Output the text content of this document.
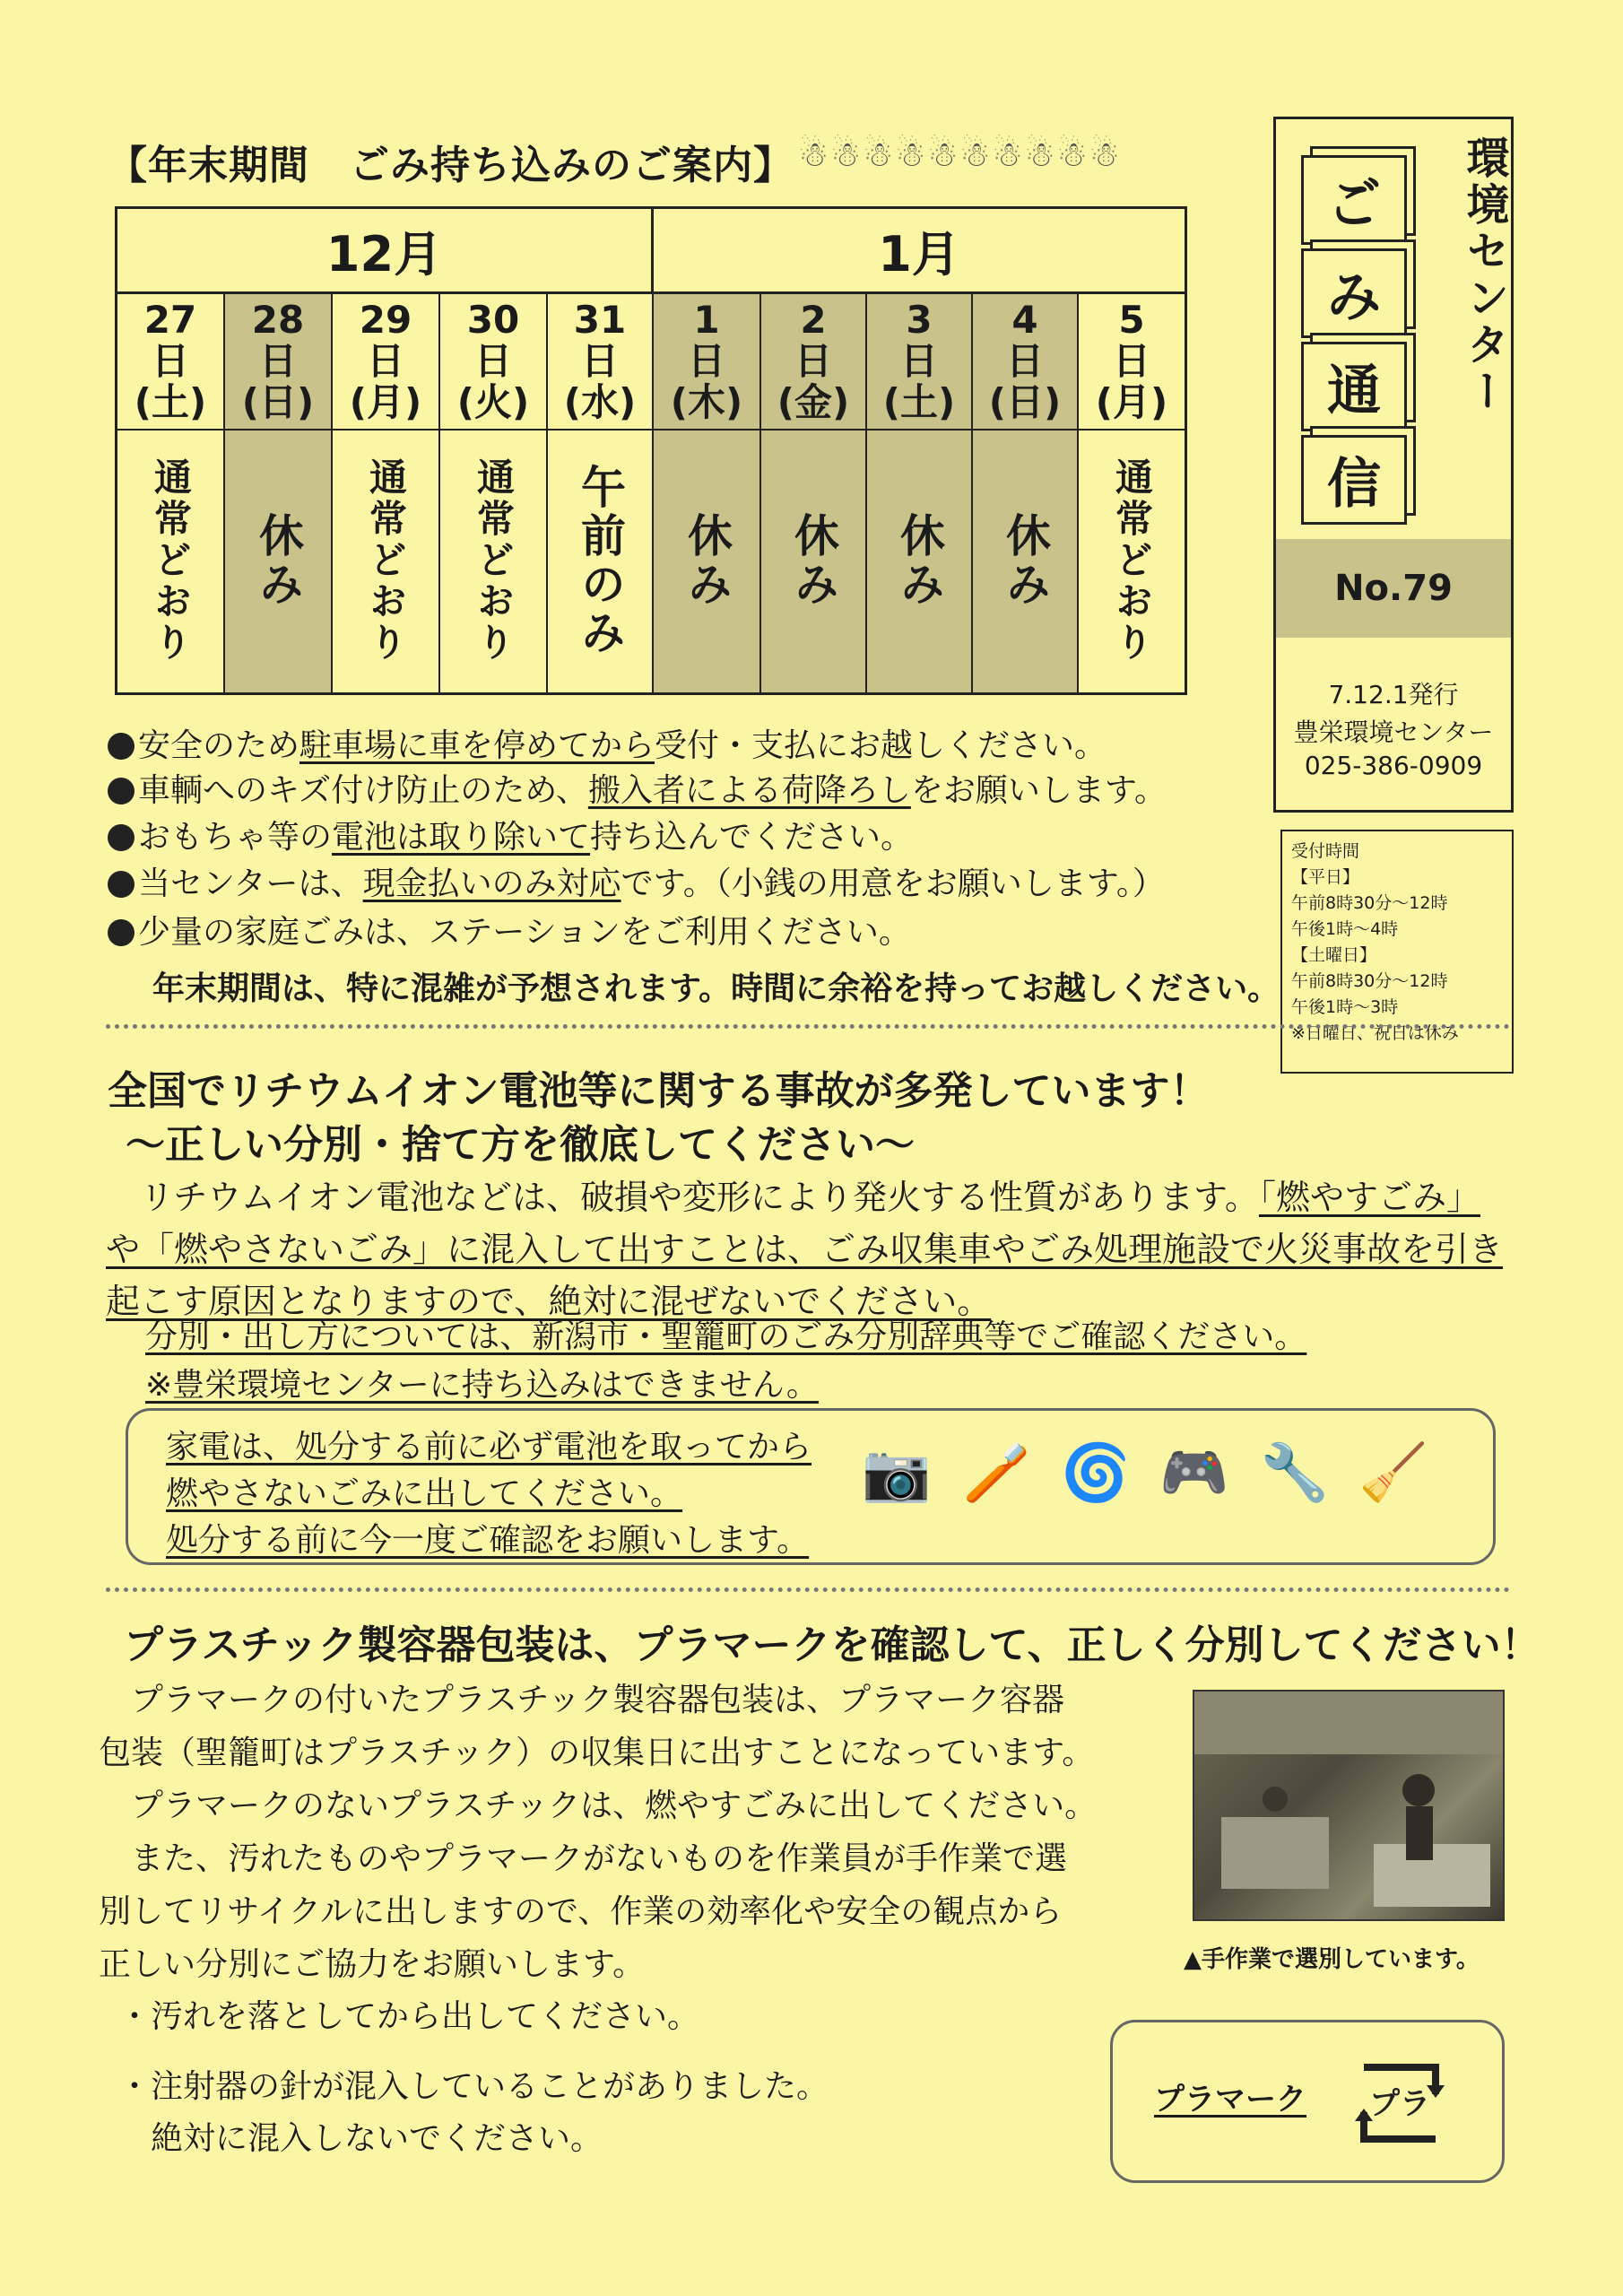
【年末期間　ごみ持ち込みのご案内】 ☃☃☃☃☃☃☃☃☃☃
12月	1月
27
日
(土)
通常どおり
28
日
(日)
休み
29
日
(月)
通常どおり
30
日
(火)
通常どおり
31
日
(水)
午前のみ
1
日
(木)
休み
2
日
(金)
休み
3
日
(土)
休み
4
日
(日)
休み
5
日
(月)
通常どおり
安全のため駐車場に車を停めてから受付・支払にお越しください。
車輌へのキズ付け防止のため、搬入者による荷降ろしをお願いします。
おもちゃ等の電池は取り除いて持ち込んでください。
当センターは、現金払いのみ対応です。（小銭の用意をお願いします。）
少量の家庭ごみは、ステーションをご利用ください。
年末期間は、特に混雑が予想されます。時間に余裕を持ってお越しください。
環境センター
ご
み
通
信
No.79
7.12.1発行
豊栄環境センター
025-386-0909
受付時間
【平日】
午前8時30分～12時
午後1時～4時
【土曜日】
午前8時30分～12時
午後1時～3時
※日曜日、祝日は休み
全国でリチウムイオン電池等に関する事故が多発しています！
～正しい分別・捨て方を徹底してください～

リチウムイオン電池などは、破損や変形により発火する性質があります。「燃やすごみ」や「燃やさないごみ」に混入して出すことは、ごみ収集車やごみ処理施設で火災事故を引き起こす原因となりますので、絶対に混ぜないでください。

分別・出し方については、新潟市・聖籠町のごみ分別辞典等でご確認ください。
※豊栄環境センターに持ち込みはできません。
家電は、処分する前に必ず電池を取ってから
燃やさないごみに出してください。
処分する前に今一度ご確認をお願いします。
📷 🪥 🌀 🎮 🔧 🧹
プラスチック製容器包装は、プラマークを確認して、正しく分別してください！

　プラマークの付いたプラスチック製容器包装は、プラマーク容器

包装（聖籠町はプラスチック）の収集日に出すことになっています。

　プラマークのないプラスチックは、燃やすごみに出してください。

　また、汚れたものやプラマークがないものを作業員が手作業で選

別してリサイクルに出しますので、作業の効率化や安全の観点から

正しい分別にご協力をお願いします。	▲手作業で選別しています。
・汚れを落としてから出してください。
・注射器の針が混入していることがありました。
　絶対に混入しないでください。
プラマーク プラ
